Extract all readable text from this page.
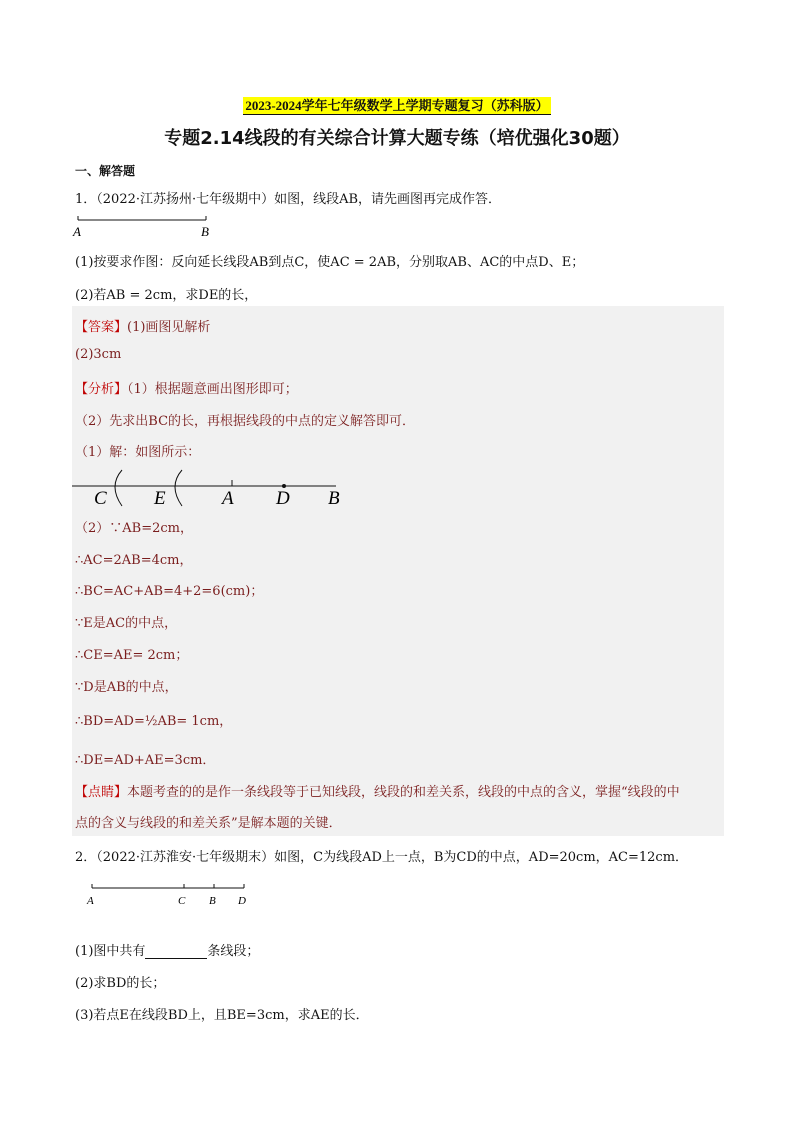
2023-2024学年七年级数学上学期专题复习（苏科版）
专题2.14线段的有关综合计算大题专练（培优强化30题）
一、解答题
1．（2022·江苏扬州·七年级期中）如图，线段AB，请先画图再完成作答．
A	B
(1)按要求作图：反向延长线段AB到点C，使AC = 2AB，分别取AB、AC的中点D、E；
(2)若AB = 2cm，求DE的长，
【答案】(1)画图见解析
(2)3cm
【分析】（1）根据题意画出图形即可；
（2）先求出BC的长，再根据线段的中点的定义解答即可．
（1）解：如图所示：
C E	A D B
（2）∵AB=2cm，
∴AC=2AB=4cm，
∴BC=AC+AB=4+2=6(cm)；
∵E是AC的中点，
∴CE=AE= 2cm；
∵D是AB的中点，
∴BD=AD=½AB= 1cm，
∴DE=AD+AE=3cm．
【点睛】本题考查的的是作一条线段等于已知线段，线段的和差关系，线段的中点的含义，掌握“线段的中
点的含义与线段的和差关系”是解本题的关键．
2．（2022·江苏淮安·七年级期末）如图，C为线段AD上一点，B为CD的中点，AD=20cm，AC=12cm．
A	C B D
(1)图中共有	条线段；
(2)求BD的长；
(3)若点E在线段BD上，且BE=3cm，求AE的长．
